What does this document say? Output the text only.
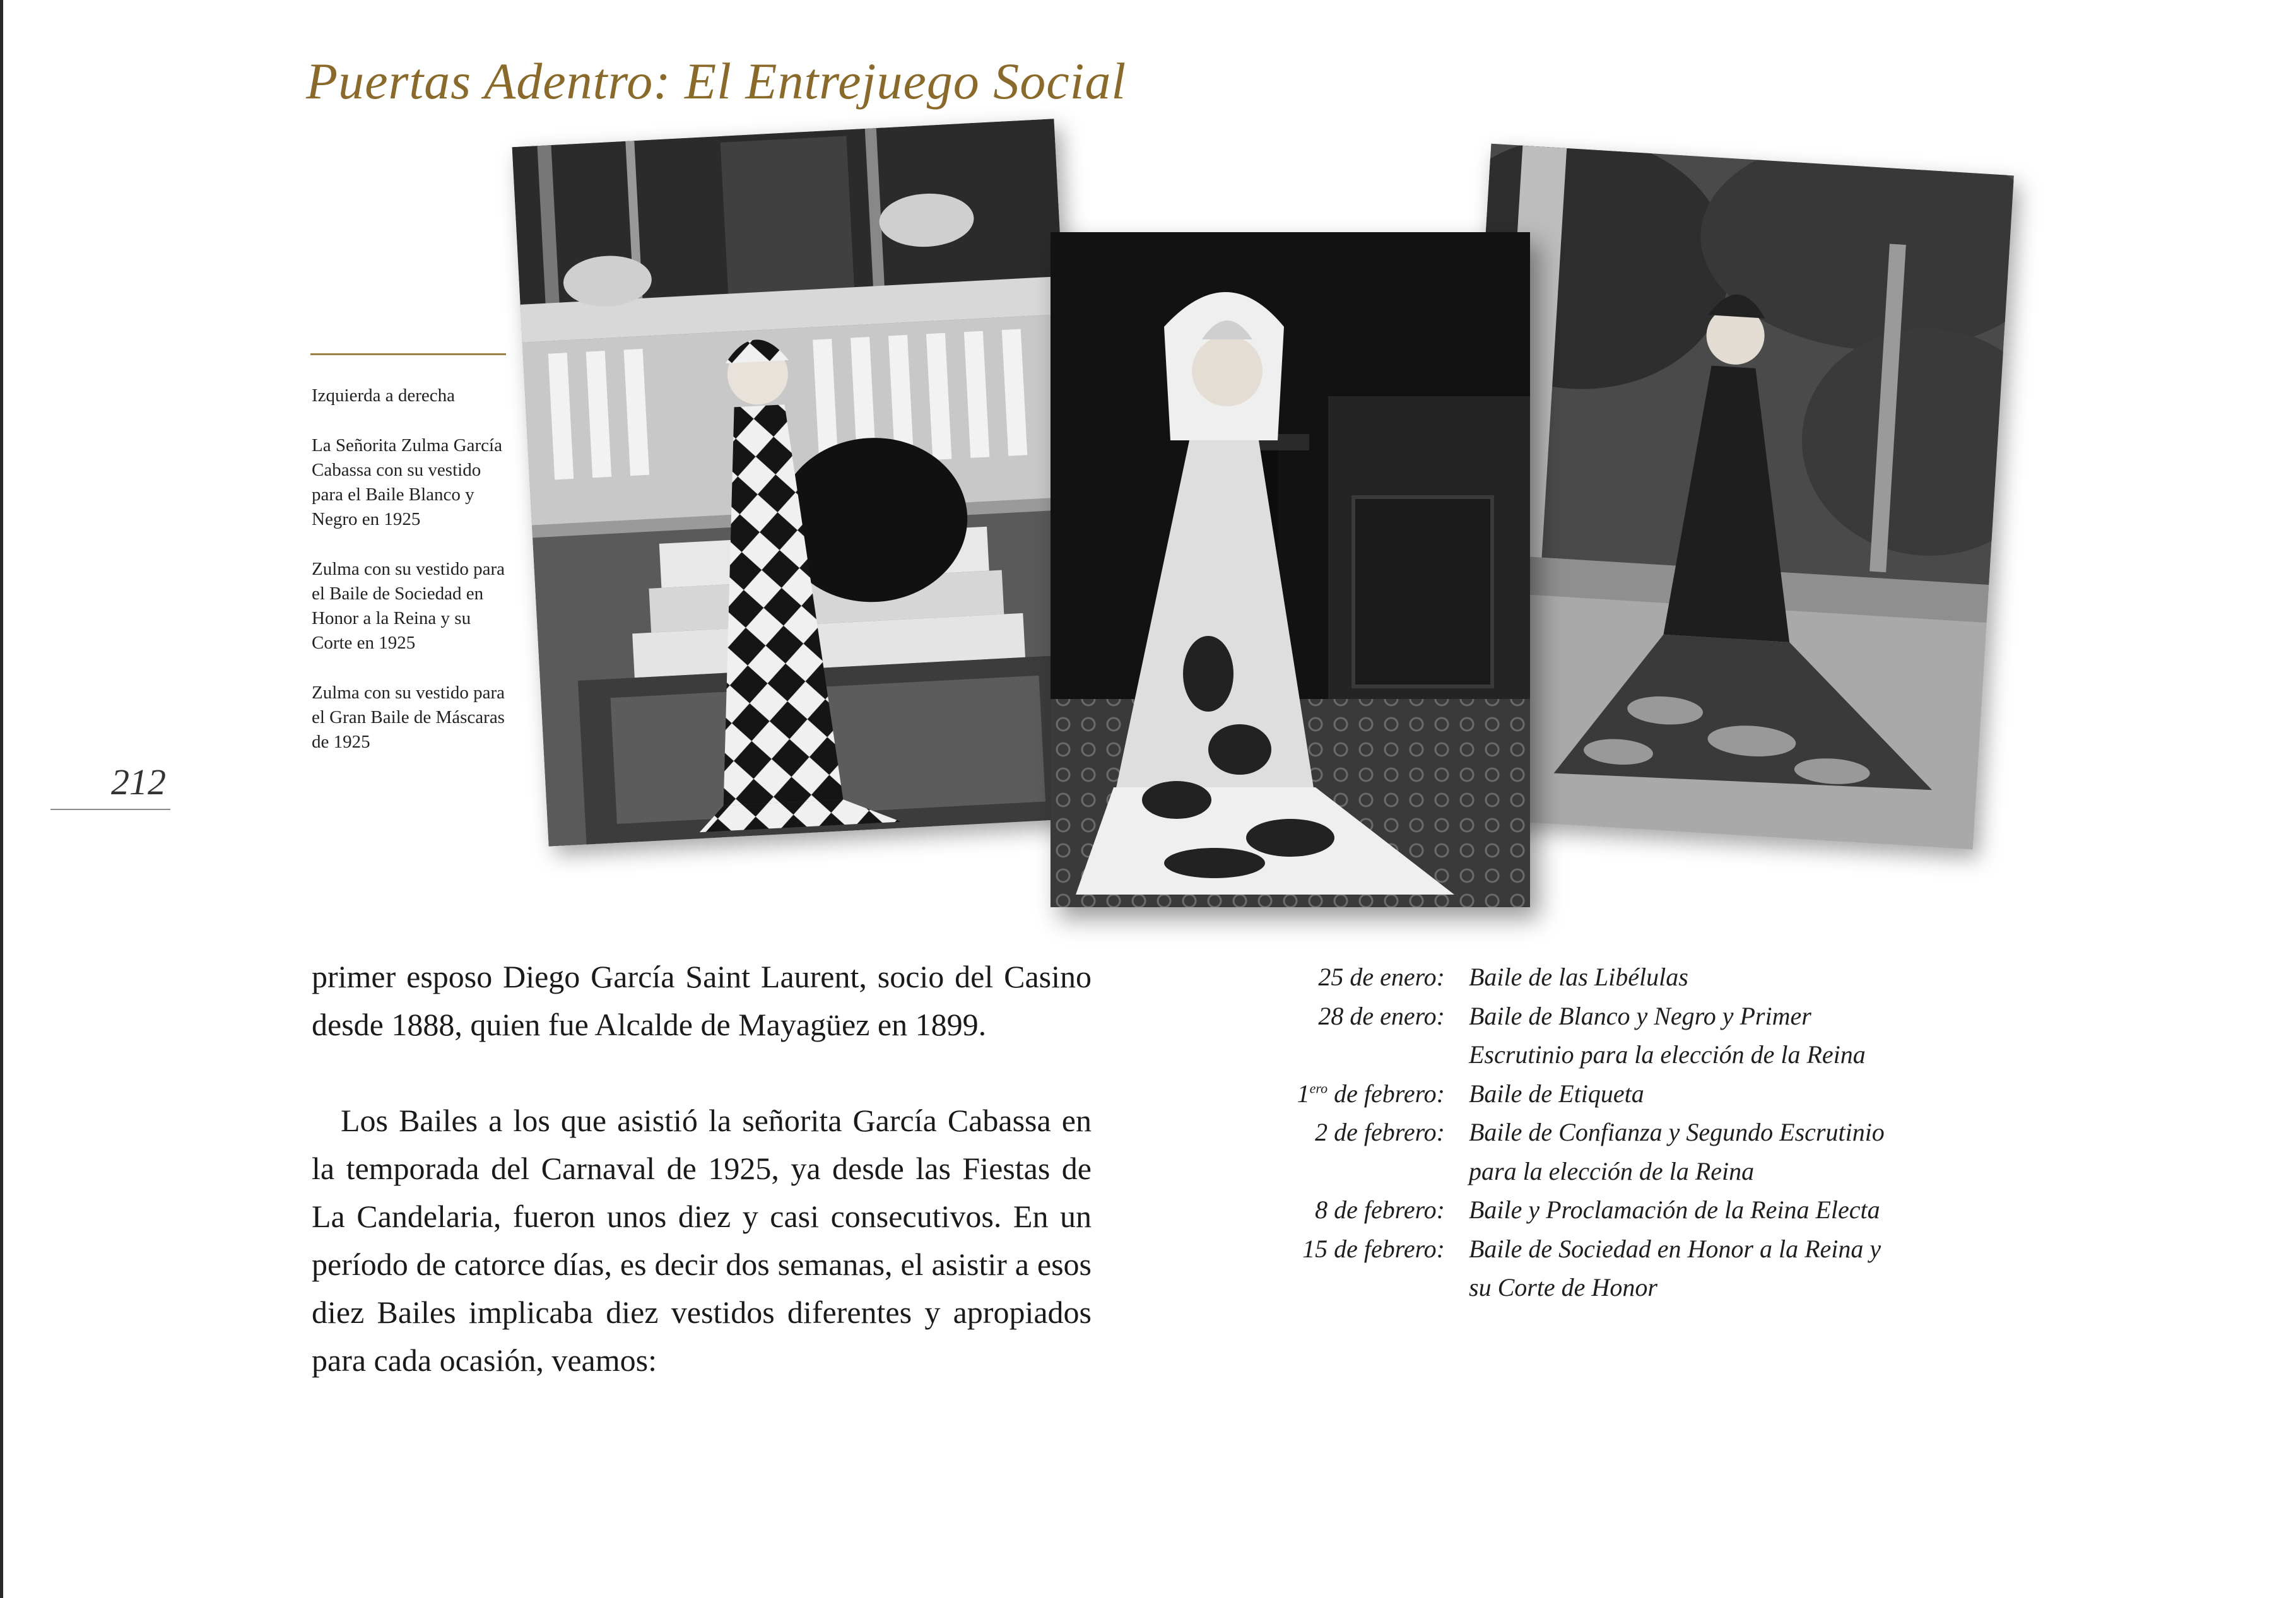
Puertas Adentro: El Entrejuego Social

Izquierda a derecha

La Señorita Zulma García Cabassa con su vestido para el Baile Blanco y Negro en 1925

Zulma con su vestido para el Baile de Sociedad en Honor a la Reina y su Corte en 1925

Zulma con su vestido para el Gran Baile de Máscaras de 1925

212

primer esposo Diego García Saint Laurent, socio del Casino desde 1888, quien fue Alcalde de Mayagüez en 1899.

Los Bailes a los que asistió la señorita García Cabassa en la temporada del Carnaval de 1925, ya desde las Fiestas de La Candelaria, fueron unos diez y casi consecutivos. En un período de catorce días, es decir dos semanas, el asistir a esos diez Bailes implicaba diez vestidos diferentes y apropiados para cada ocasión, veamos:

25 de enero: Baile de las Libélulas
28 de enero: Baile de Blanco y Negro y Primer Escrutinio para la elección de la Reina
$1^{ero}$ de febrero: Baile de Etiqueta
2 de febrero: Baile de Confianza y Segundo Escrutinio para la elección de la Reina
8 de febrero: Baile y Proclamación de la Reina Electa
15 de febrero: Baile de Sociedad en Honor a la Reina y su Corte de Honor
